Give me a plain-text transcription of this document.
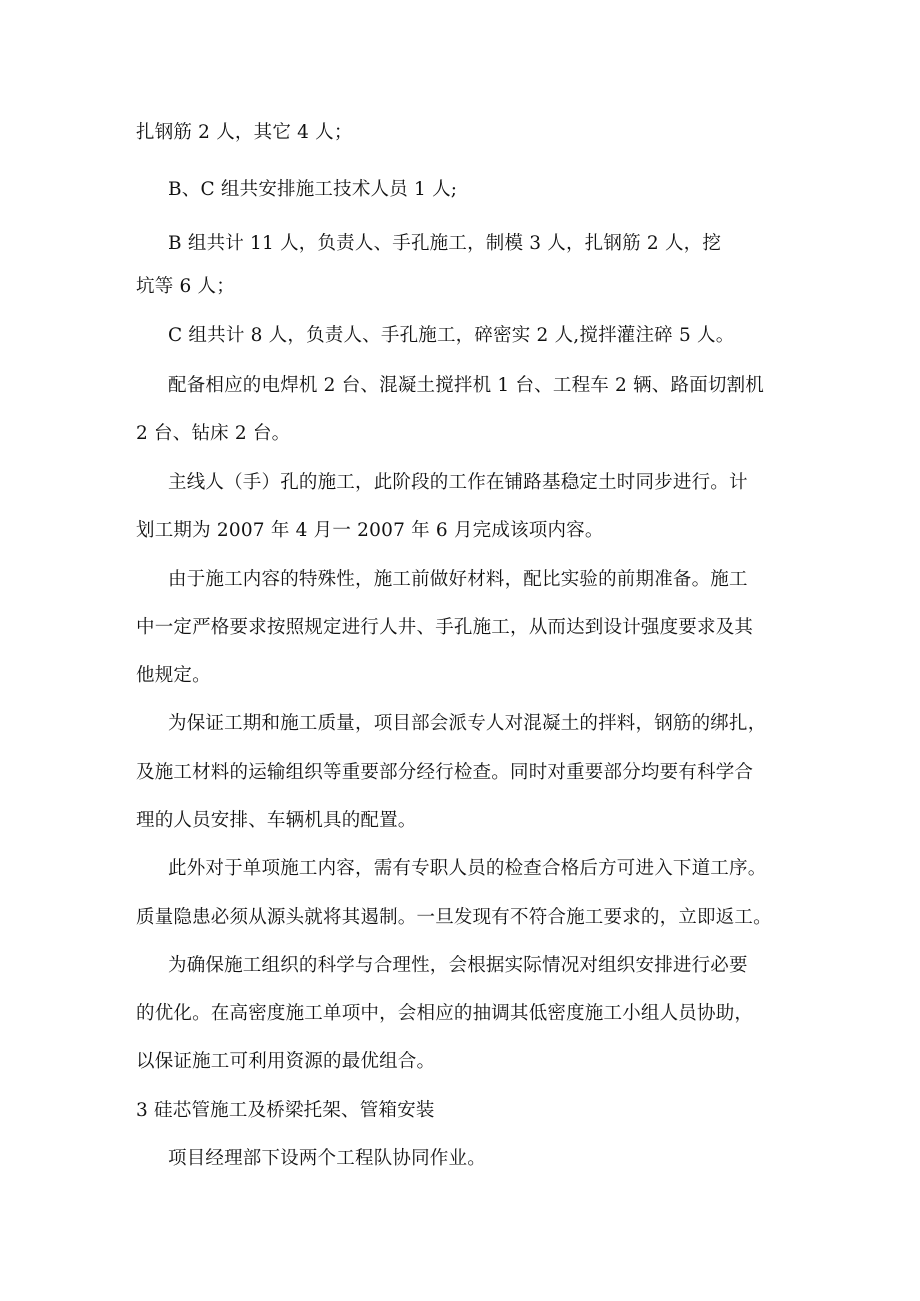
扎钢筋 2 人，其它 4 人；
B、C 组共安排施工技术人员 1 人;
B 组共计 11 人，负责人、手孔施工，制模 3 人，扎钢筋 2 人，挖
坑等 6 人；
C 组共计 8 人，负责人、手孔施工，碎密实 2 人,搅拌灌注碎 5 人。
配备相应的电焊机 2 台、混凝土搅拌机 1 台、工程车 2 辆、路面切割机
2 台、钻床 2 台。
主线人（手）孔的施工，此阶段的工作在铺路基稳定土时同步进行。计
划工期为 2007 年 4 月一 2007 年 6 月完成该项内容。
由于施工内容的特殊性，施工前做好材料，配比实验的前期准备。施工
中一定严格要求按照规定进行人井、手孔施工，从而达到设计强度要求及其
他规定。
为保证工期和施工质量，项目部会派专人对混凝土的拌料，钢筋的绑扎，
及施工材料的运输组织等重要部分经行检查。同时对重要部分均要有科学合
理的人员安排、车辆机具的配置。
此外对于单项施工内容，需有专职人员的检查合格后方可进入下道工序。
质量隐患必须从源头就将其遏制。一旦发现有不符合施工要求的，立即返工。
为确保施工组织的科学与合理性，会根据实际情况对组织安排进行必要
的优化。在高密度施工单项中，会相应的抽调其低密度施工小组人员协助，
以保证施工可利用资源的最优组合。
3 硅芯管施工及桥梁托架、管箱安装
项目经理部下设两个工程队协同作业。
